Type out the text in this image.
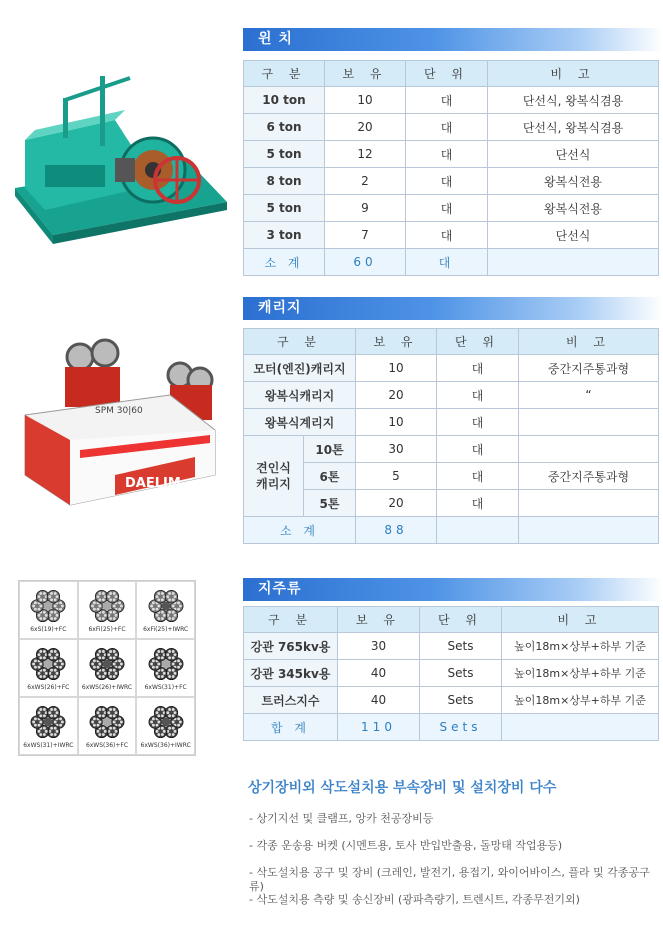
윈 치
구 분	보 유	단 위	비 고
10 ton	10	대	단선식, 왕복식겸용
6 ton	20	대	단선식, 왕복식겸용
5 ton	12	대	단선식
8 ton	2	대	왕복식전용
5 ton	9	대	왕복식전용
3 ton	7	대	단선식
소 계	60	대	
SPM 30|60
DAELIM
캐리지
구 분		보 유	단 위	비 고
모터(엔진)캐리지		10	대	중간지주통과형
왕복식캐리지		20	대	“
왕복식계리지		10	대	
견인식 캐리지	10톤	30	대	
	6톤	5	대	중간지주통과형
	5톤	20	대	
소 계		88		
6xS(19)+FC	6xFi(25)+FC	6xFi(25)+IWRC
6xWS(26)+FC 6xWS(26)+IWRC 6xWS(31)+FC
6xWS(31)+IWRC 6xWS(36)+FC 6xWS(36)+IWRC
지주류
구 분	보 유	단 위	비 고
강관 765kv용	30	Sets	높이18m×상부+하부 기준
강관 345kv용	40	Sets	높이18m×상부+하부 기준
트러스지수	40	Sets	높이18m×상부+하부 기준
합 계	110	Sets	
상기장비외 삭도설치용 부속장비 및 설치장비 다수
- 상기지선 및 클램프, 앙카 천공장비등
- 각종 운송용 버켓 (시멘트용, 토사 반입반출용, 돌망태 작업용등)
- 삭도설치용 공구 및 장비 (크레인, 발전기, 용접기, 와이어바이스, 플라 및 각종공구류)
- 삭도설치용 측량 및 송신장비 (광파측량기, 트렌시트, 각종무전기외)
